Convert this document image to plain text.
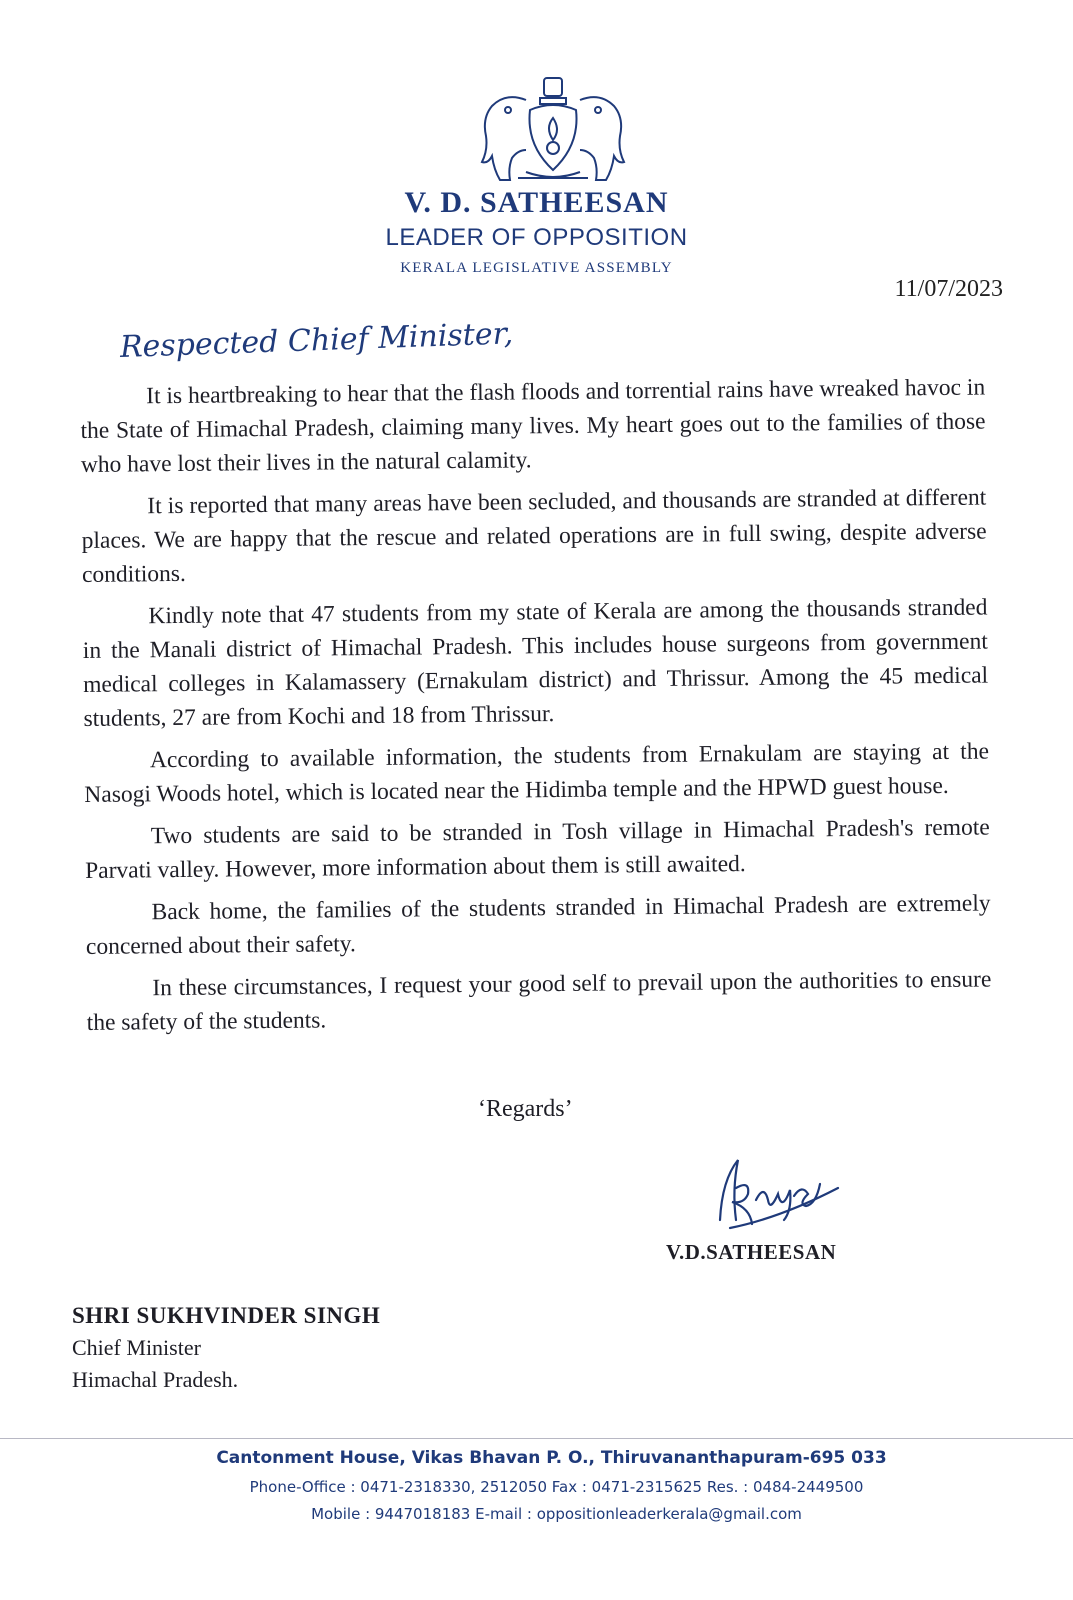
V. D. SATHEESAN
LEADER OF OPPOSITION
KERALA LEGISLATIVE ASSEMBLY
11/07/2023
Respected Chief Minister,

It is heartbreaking to hear that the flash floods and torrential rains have wreaked havoc in the State of Himachal Pradesh, claiming many lives. My heart goes out to the families of those who have lost their lives in the natural calamity.

It is reported that many areas have been secluded, and thousands are stranded at different places. We are happy that the rescue and related operations are in full swing, despite adverse conditions.

Kindly note that 47 students from my state of Kerala are among the thousands stranded in the Manali district of Himachal Pradesh. This includes house surgeons from government medical colleges in Kalamassery (Ernakulam district) and Thrissur. Among the 45 medical students, 27 are from Kochi and 18 from Thrissur.

According to available information, the students from Ernakulam are staying at the Nasogi Woods hotel, which is located near the Hidimba temple and the HPWD guest house.

Two students are said to be stranded in Tosh village in Himachal Pradesh's remote Parvati valley. However, more information about them is still awaited.

Back home, the families of the students stranded in Himachal Pradesh are extremely concerned about their safety.

In these circumstances, I request your good self to prevail upon the authorities to ensure the safety of the students.

‘Regards’
V.D.SATHEESAN
SHRI SUKHVINDER SINGH
Chief Minister
Himachal Pradesh.
Cantonment House, Vikas Bhavan P. O., Thiruvananthapuram-695 033
Phone-Office : 0471-2318330, 2512050 Fax : 0471-2315625 Res. : 0484-2449500
Mobile : 9447018183 E-mail : oppositionleaderkerala@gmail.com
